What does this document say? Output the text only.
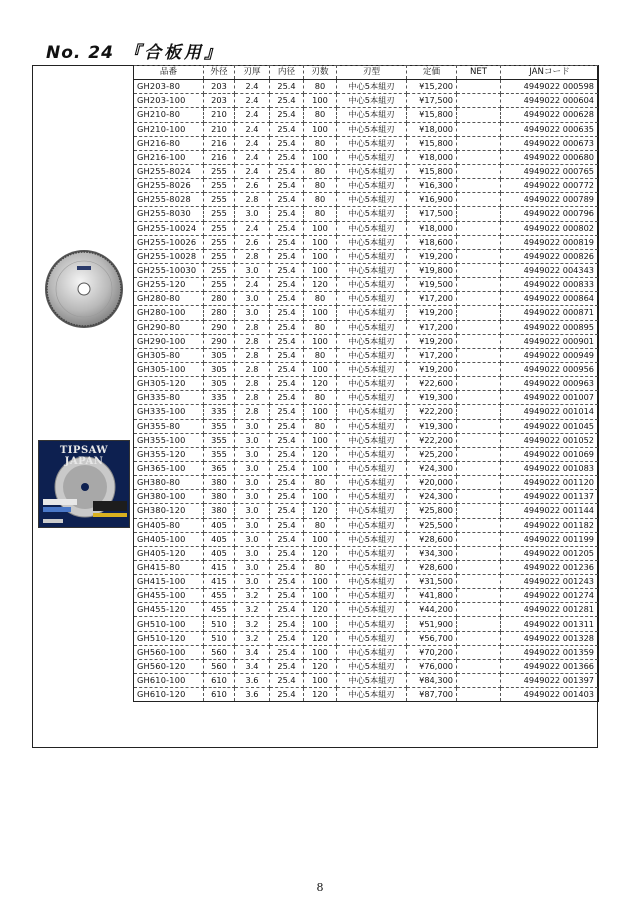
No. 24 『合板用』
TIPSAW JAPAN
品番	外径	刃厚	内径	刃数	刃型	定価	NET	JANコード
GH203-80	203	2.4	25.4	80	中心5本組刃	¥15,200		4949022 000598
GH203-100	203	2.4	25.4	100	中心5本組刃	¥17,500		4949022 000604
GH210-80	210	2.4	25.4	80	中心5本組刃	¥15,800		4949022 000628
GH210-100	210	2.4	25.4	100	中心5本組刃	¥18,000		4949022 000635
GH216-80	216	2.4	25.4	80	中心5本組刃	¥15,800		4949022 000673
GH216-100	216	2.4	25.4	100	中心5本組刃	¥18,000		4949022 000680
GH255-8024	255	2.4	25.4	80	中心5本組刃	¥15,800		4949022 000765
GH255-8026	255	2.6	25.4	80	中心5本組刃	¥16,300		4949022 000772
GH255-8028	255	2.8	25.4	80	中心5本組刃	¥16,900		4949022 000789
GH255-8030	255	3.0	25.4	80	中心5本組刃	¥17,500		4949022 000796
GH255-10024	255	2.4	25.4	100	中心5本組刃	¥18,000		4949022 000802
GH255-10026	255	2.6	25.4	100	中心5本組刃	¥18,600		4949022 000819
GH255-10028	255	2.8	25.4	100	中心5本組刃	¥19,200		4949022 000826
GH255-10030	255	3.0	25.4	100	中心5本組刃	¥19,800		4949022 004343
GH255-120	255	2.4	25.4	120	中心5本組刃	¥19,500		4949022 000833
GH280-80	280	3.0	25.4	80	中心5本組刃	¥17,200		4949022 000864
GH280-100	280	3.0	25.4	100	中心5本組刃	¥19,200		4949022 000871
GH290-80	290	2.8	25.4	80	中心5本組刃	¥17,200		4949022 000895
GH290-100	290	2.8	25.4	100	中心5本組刃	¥19,200		4949022 000901
GH305-80	305	2.8	25.4	80	中心5本組刃	¥17,200		4949022 000949
GH305-100	305	2.8	25.4	100	中心5本組刃	¥19,200		4949022 000956
GH305-120	305	2.8	25.4	120	中心5本組刃	¥22,600		4949022 000963
GH335-80	335	2.8	25.4	80	中心5本組刃	¥19,300		4949022 001007
GH335-100	335	2.8	25.4	100	中心5本組刃	¥22,200		4949022 001014
GH355-80	355	3.0	25.4	80	中心5本組刃	¥19,300		4949022 001045
GH355-100	355	3.0	25.4	100	中心5本組刃	¥22,200		4949022 001052
GH355-120	355	3.0	25.4	120	中心5本組刃	¥25,200		4949022 001069
GH365-100	365	3.0	25.4	100	中心5本組刃	¥24,300		4949022 001083
GH380-80	380	3.0	25.4	80	中心5本組刃	¥20,000		4949022 001120
GH380-100	380	3.0	25.4	100	中心5本組刃	¥24,300		4949022 001137
GH380-120	380	3.0	25.4	120	中心5本組刃	¥25,800		4949022 001144
GH405-80	405	3.0	25.4	80	中心5本組刃	¥25,500		4949022 001182
GH405-100	405	3.0	25.4	100	中心5本組刃	¥28,600		4949022 001199
GH405-120	405	3.0	25.4	120	中心5本組刃	¥34,300		4949022 001205
GH415-80	415	3.0	25.4	80	中心5本組刃	¥28,600		4949022 001236
GH415-100	415	3.0	25.4	100	中心5本組刃	¥31,500		4949022 001243
GH455-100	455	3.2	25.4	100	中心5本組刃	¥41,800		4949022 001274
GH455-120	455	3.2	25.4	120	中心5本組刃	¥44,200		4949022 001281
GH510-100	510	3.2	25.4	100	中心5本組刃	¥51,900		4949022 001311
GH510-120	510	3.2	25.4	120	中心5本組刃	¥56,700		4949022 001328
GH560-100	560	3.4	25.4	100	中心5本組刃	¥70,200		4949022 001359
GH560-120	560	3.4	25.4	120	中心5本組刃	¥76,000		4949022 001366
GH610-100	610	3.6	25.4	100	中心5本組刃	¥84,300		4949022 001397
GH610-120	610	3.6	25.4	120	中心5本組刃	¥87,700		4949022 001403
8
